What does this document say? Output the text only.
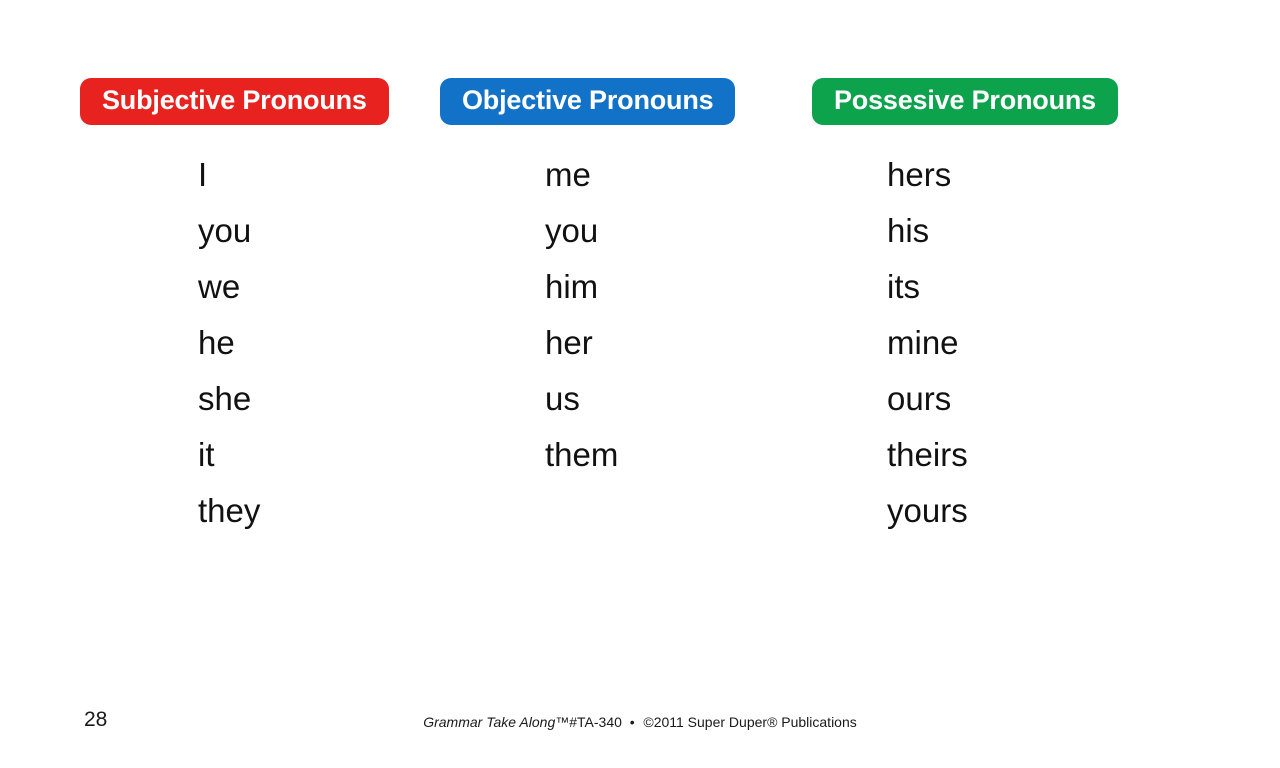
Subjective Pronouns
I
you
we
he
she
it
they
Objective Pronouns
me
you
him
her
us
them
Possesive Pronouns
hers
his
its
mine
ours
theirs
yours
28	Grammar Take Along™#TA-340 • ©2011 Super Duper® Publications
